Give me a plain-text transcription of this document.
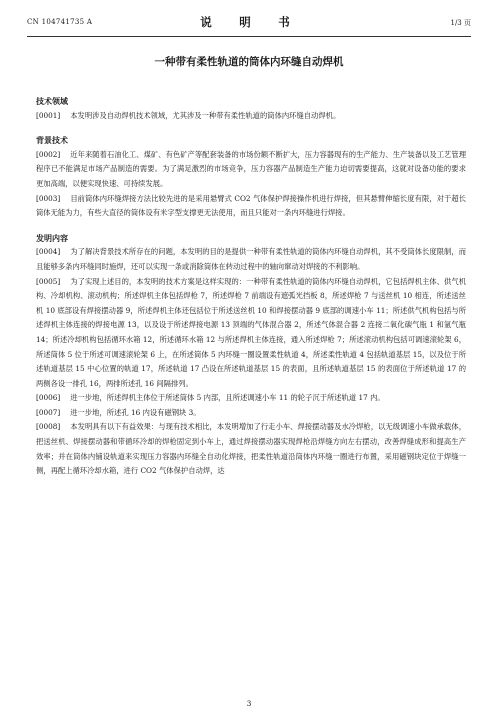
CN 104741735 A	说　明　书	1/3 页
一种带有柔性轨道的筒体内环缝自动焊机
技术领域
[0001] 本发明涉及自动焊机技术领域，尤其涉及一种带有柔性轨道的筒体内环缝自动焊机。
背景技术
[0002] 近年来随着石油化工、煤矿、有色矿产等配套装备的市场份额不断扩大，压力容器现有的生产能力、生产装备以及工艺管理程序已不能满足市场产品制造的需要。为了满足激烈的市场竞争，压力容器产品制造生产能力迫切需要提高，这就对设备功能的要求更加高端，以便实现快速、可持续发展。
[0003] 目前筒体内环缝焊接方法比较先进的是采用悬臂式 CO2 气体保护焊接操作机进行焊接，但其悬臂伸缩长度有限，对于超长筒体无能为力，有些大直径的筒体设有米字型支撑更无法使用，而且只能对一条内环缝进行焊接。
发明内容
[0004] 为了解决背景技术所存在的问题，本发明的目的是提供一种带有柔性轨道的筒体内环缝自动焊机，其不受筒体长度限制，而且能够多条内环缝同时施焊，还可以实现一条或消除筒体在转动过程中的轴向窜动对焊接的不利影响。
[0005] 为了实现上述目的，本发明的技术方案是这样实现的：一种带有柔性轨道的筒体内环缝自动焊机，它包括焊机主体、供气机构、冷却机构、滚动机构；所述焊机主体包括焊枪 7，所述焊枪 7 前端设有遮弧光挡板 8，所述焊枪 7 与送丝机 10 相连，所述送丝机 10 底部设有焊接摆动器 9，所述焊机主体还包括位于所述送丝机 10 和焊接摆动器 9 底部的调速小车 11；所述供气机构包括与所述焊机主体连接的焊接电源 13，以及设于所述焊接电源 13 顶端的气体混合器 2，所述气体混合器 2 连接二氧化碳气瓶 1 和氩气瓶 14；所述冷却机构包括循环水箱 12，所述循环水箱 12 与所述焊机主体连接，通入所述焊枪 7；所述滚动机构包括可调速滚轮架 6，所述筒体 5 位于所述可调速滚轮架 6 上，在所述筒体 5 内环缝一圈设置柔性轨道 4，所述柔性轨道 4 包括轨道基层 15，以及位于所述轨道基层 15 中心位置的轨道 17，所述轨道 17 凸设在所述轨道基层 15 的表面，且所述轨道基层 15 的表面位于所述轨道 17 的两侧各设一排孔 16，两排所述孔 16 间隔排列。
[0006] 进一步地，所述焊机主体位于所述筒体 5 内部，且所述调速小车 11 的轮子沉于所述轨道 17 内。
[0007] 进一步地，所述孔 16 内设有磁钢块 3。
[0008] 本发明具有以下有益效果：与现有技术相比，本发明增加了行走小车、焊接摆动器及水冷焊枪，以无级调速小车做承载体，把送丝机、焊接摆动器和带循环冷却的焊枪固定到小车上，通过焊接摆动器实现焊枪沿焊缝方向左右摆动，改善焊缝成形和提高生产效率；并在筒体内铺设轨道来实现压力容器内环缝全自动化焊接，把柔性轨道沿筒体内环缝一圈进行布置，采用磁钢块定位于焊缝一侧，再配上循环冷却水箱，进行 CO2 气体保护自动焊，达
3
